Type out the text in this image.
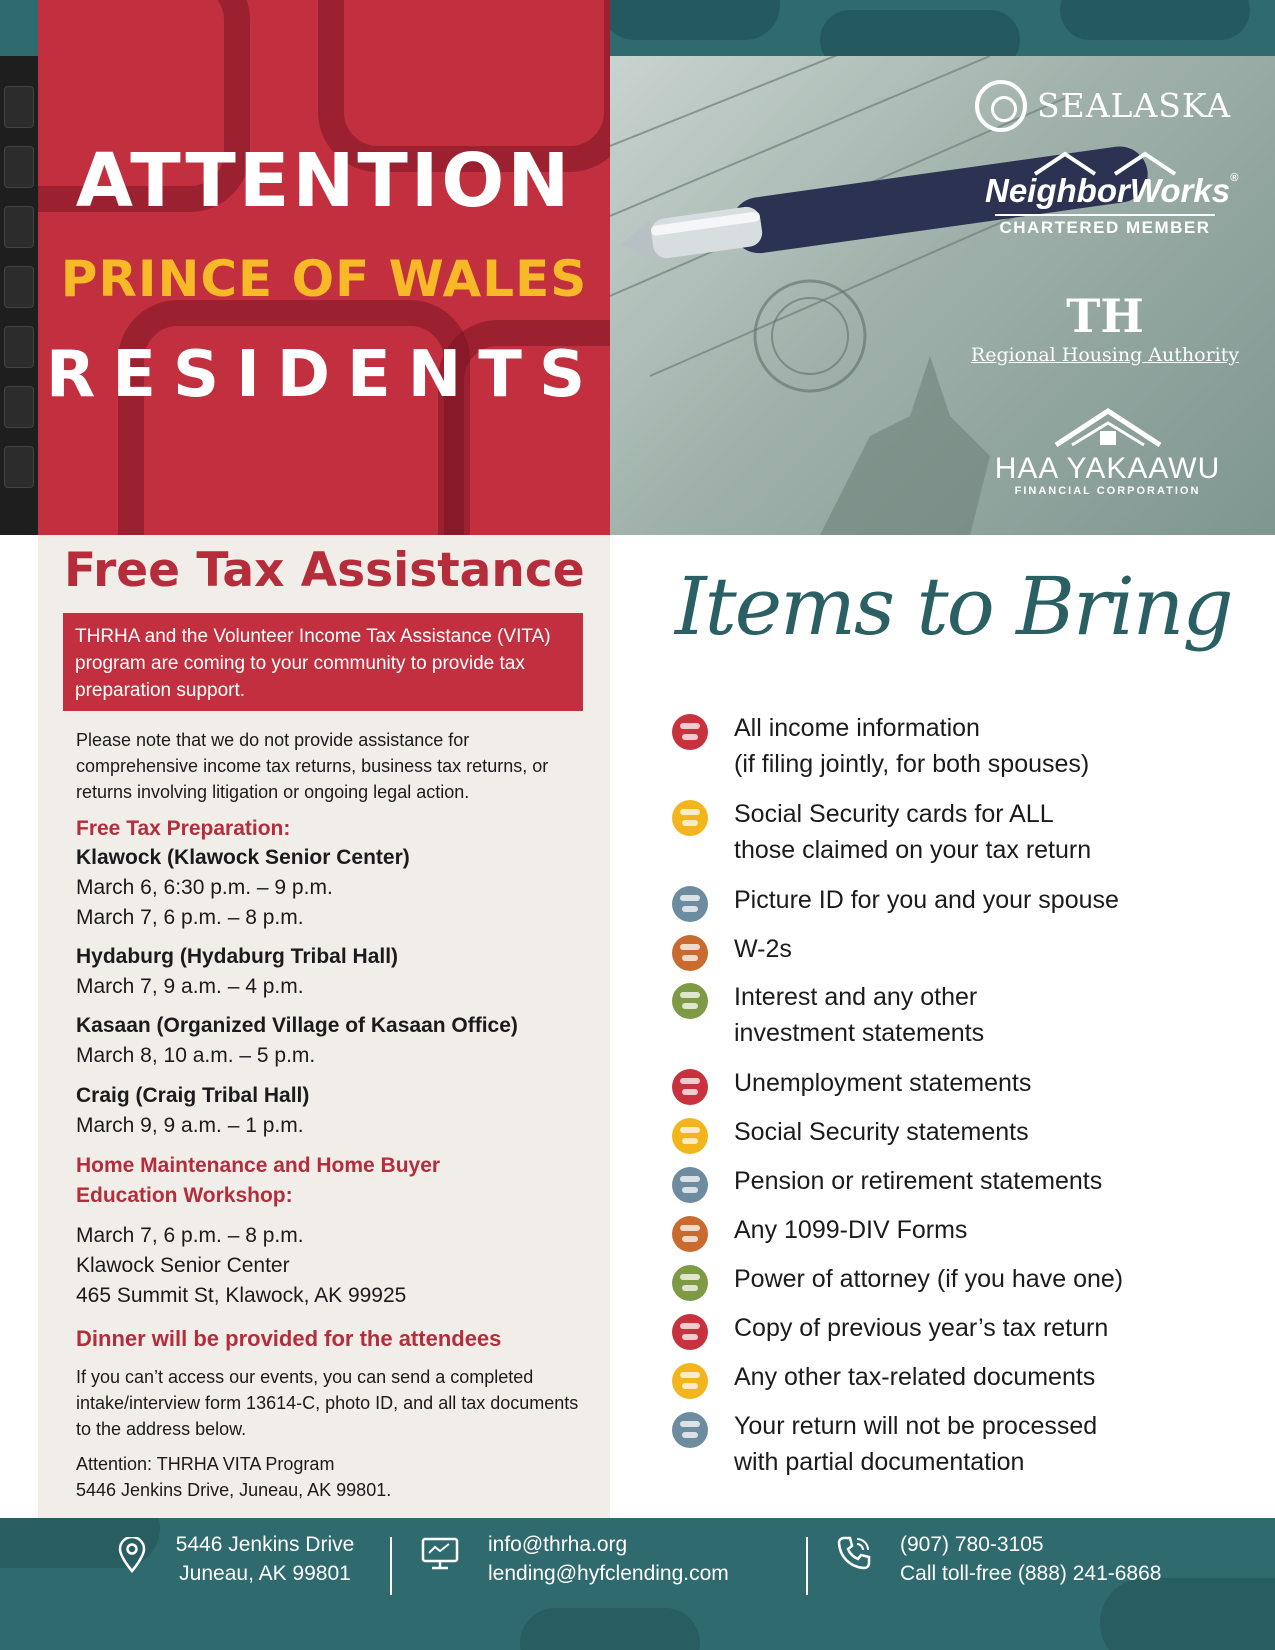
ATTENTION
PRINCE OF WALES
RESIDENTS
SEALASKA
NeighborWorks®
CHARTERED MEMBER
TH
Regional Housing Authority
HAA YAKAAWU
FINANCIAL CORPORATION
Free Tax Assistance
THRHA and the Volunteer Income Tax Assistance (VITA) program are coming to your community to provide tax preparation support.
Please note that we do not provide assistance for comprehensive income tax returns, business tax returns, or returns involving litigation or ongoing legal action.
Free Tax Preparation:
Klawock (Klawock Senior Center)
March 6, 6:30 p.m. – 9 p.m.
March 7, 6 p.m. – 8 p.m.
Hydaburg (Hydaburg Tribal Hall)
March 7, 9 a.m. – 4 p.m.
Kasaan (Organized Village of Kasaan Office)
March 8, 10 a.m. – 5 p.m.
Craig (Craig Tribal Hall)
March 9, 9 a.m. – 1 p.m.
Home Maintenance and Home Buyer
Education Workshop:
March 7, 6 p.m. – 8 p.m.
Klawock Senior Center
465 Summit St, Klawock, AK 99925
Dinner will be provided for the attendees
If you can’t access our events, you can send a completed intake/interview form 13614-C, photo ID, and all tax documents to the address below.
Attention: THRHA VITA Program
5446 Jenkins Drive, Juneau, AK 99801.
Items to Bring
All income information
(if filing jointly, for both spouses)
Social Security cards for ALL
those claimed on your tax return
Picture ID for you and your spouse
W-2s
Interest and any other
investment statements
Unemployment statements
Social Security statements
Pension or retirement statements
Any 1099-DIV Forms
Power of attorney (if you have one)
Copy of previous year’s tax return
Any other tax-related documents
Your return will not be processed
with partial documentation
5446 Jenkins Drive
Juneau, AK 99801
info@thrha.org
lending@hyfclending.com
(907) 780-3105
Call toll-free (888) 241-6868
